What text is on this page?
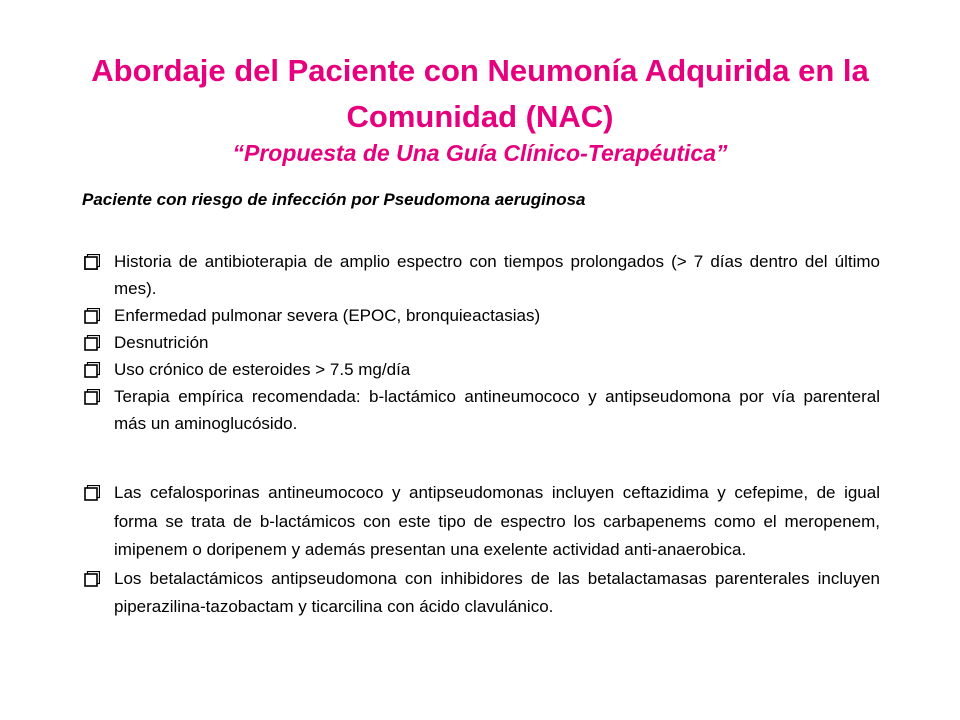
Abordaje del Paciente con Neumonía Adquirida en la Comunidad (NAC)
“Propuesta de Una Guía Clínico-Terapéutica”
Paciente con riesgo de infección por Pseudomona aeruginosa
Historia de antibioterapia de amplio espectro con tiempos prolongados (> 7 días dentro del último mes).
Enfermedad pulmonar severa (EPOC, bronquieactasias)
Desnutrición
Uso crónico de esteroides > 7.5 mg/día
Terapia empírica recomendada: b-lactámico antineumococo y antipseudomona por vía parenteral más un aminoglucósido.
Las cefalosporinas antineumococo y antipseudomonas incluyen ceftazidima y cefepime, de igual forma se trata de b-lactámicos con este tipo de espectro los carbapenems como el meropenem, imipenem o doripenem y además presentan una exelente actividad anti-anaerobica.
Los betalactámicos antipseudomona con inhibidores de las betalactamasas parenterales incluyen piperazilina-tazobactam y ticarcilina con ácido clavulánico.
